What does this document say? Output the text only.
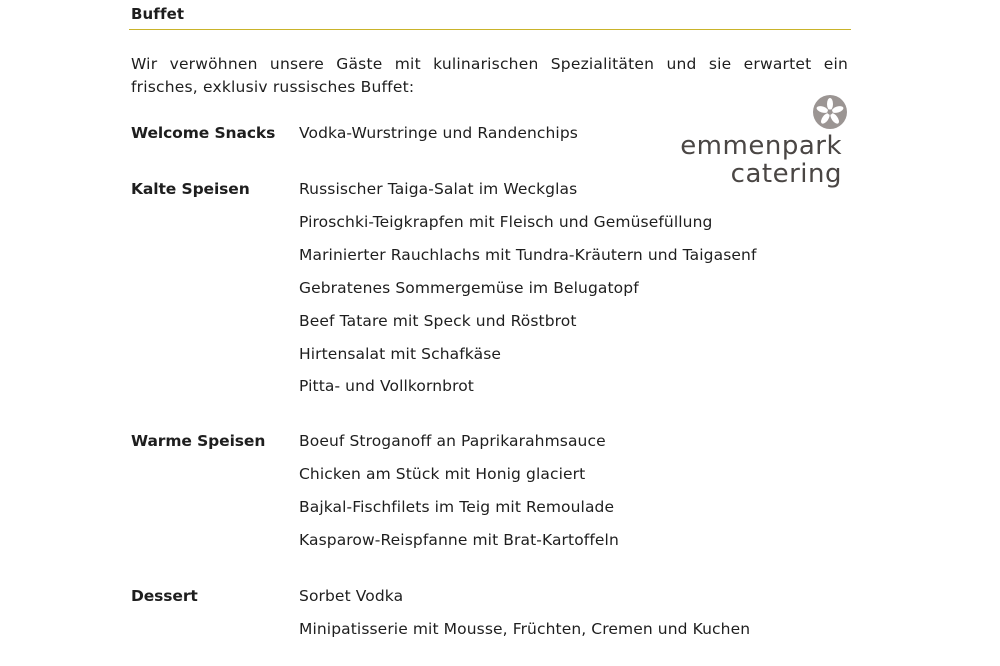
Buffet
Wir verwöhnen unsere Gäste mit kulinarischen Spezialitäten und sie erwartet ein frisches, exklusiv russisches Buffet:
emmenpark
catering
Welcome Snacks Vodka-Wurstringe und Randenchips
Kalte Speisen	Russischer Taiga-Salat im Weckglas
Piroschki-Teigkrapfen mit Fleisch und Gemüsefüllung
Marinierter Rauchlachs mit Tundra-Kräutern und Taigasenf
Gebratenes Sommergemüse im Belugatopf
Beef Tatare mit Speck und Röstbrot
Hirtensalat mit Schafkäse
Pitta- und Vollkornbrot
Warme Speisen Boeuf Stroganoff an Paprikarahmsauce
Chicken am Stück mit Honig glaciert
Bajkal-Fischfilets im Teig mit Remoulade
Kasparow-Reispfanne mit Brat-Kartoffeln
Dessert	Sorbet Vodka
Minipatisserie mit Mousse, Früchten, Cremen und Kuchen
